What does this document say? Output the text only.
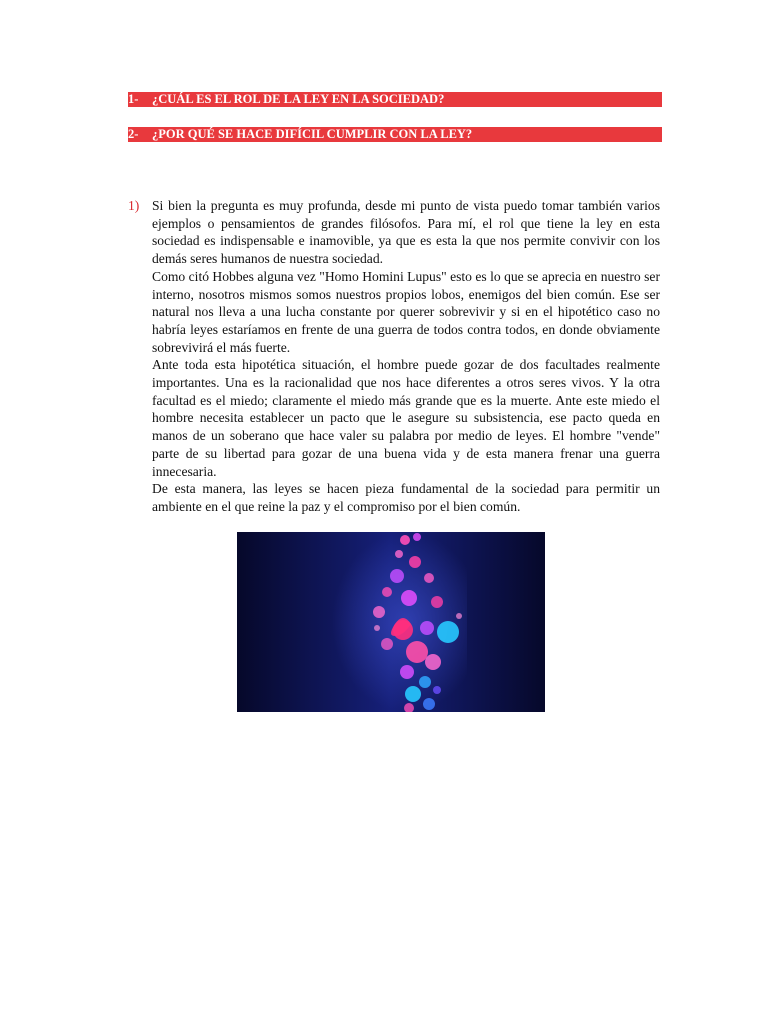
1- ¿CUÁL ES EL ROL DE LA LEY EN LA SOCIEDAD?
2- ¿POR QUÉ SE HACE DIFÍCIL CUMPLIR CON LA LEY?
1) Si bien la pregunta es muy profunda, desde mi punto de vista puedo tomar también varios ejemplos o pensamientos de grandes filósofos. Para mí, el rol que tiene la ley en esta sociedad es indispensable e inamovible, ya que es esta la que nos permite convivir con los demás seres humanos de nuestra sociedad.

Como citó Hobbes alguna vez "Homo Homini Lupus" esto es lo que se aprecia en nuestro ser interno, nosotros mismos somos nuestros propios lobos, enemigos del bien común. Ese ser natural nos lleva a una lucha constante por querer sobrevivir y si en el hipotético caso no habría leyes estaríamos en frente de una guerra de todos contra todos, en donde obviamente sobrevivirá el más fuerte.

Ante toda esta hipotética situación, el hombre puede gozar de dos facultades realmente importantes. Una es la racionalidad que nos hace diferentes a otros seres vivos. Y la otra facultad es el miedo; claramente el miedo más grande que es la muerte. Ante este miedo el hombre necesita establecer un pacto que le asegure su subsistencia, ese pacto queda en manos de un soberano que hace valer su palabra por medio de leyes. El hombre "vende" parte de su libertad para gozar de una buena vida y de esta manera frenar una guerra innecesaria.

De esta manera, las leyes se hacen pieza fundamental de la sociedad para permitir un ambiente en el que reine la paz y el compromiso por el bien común.
